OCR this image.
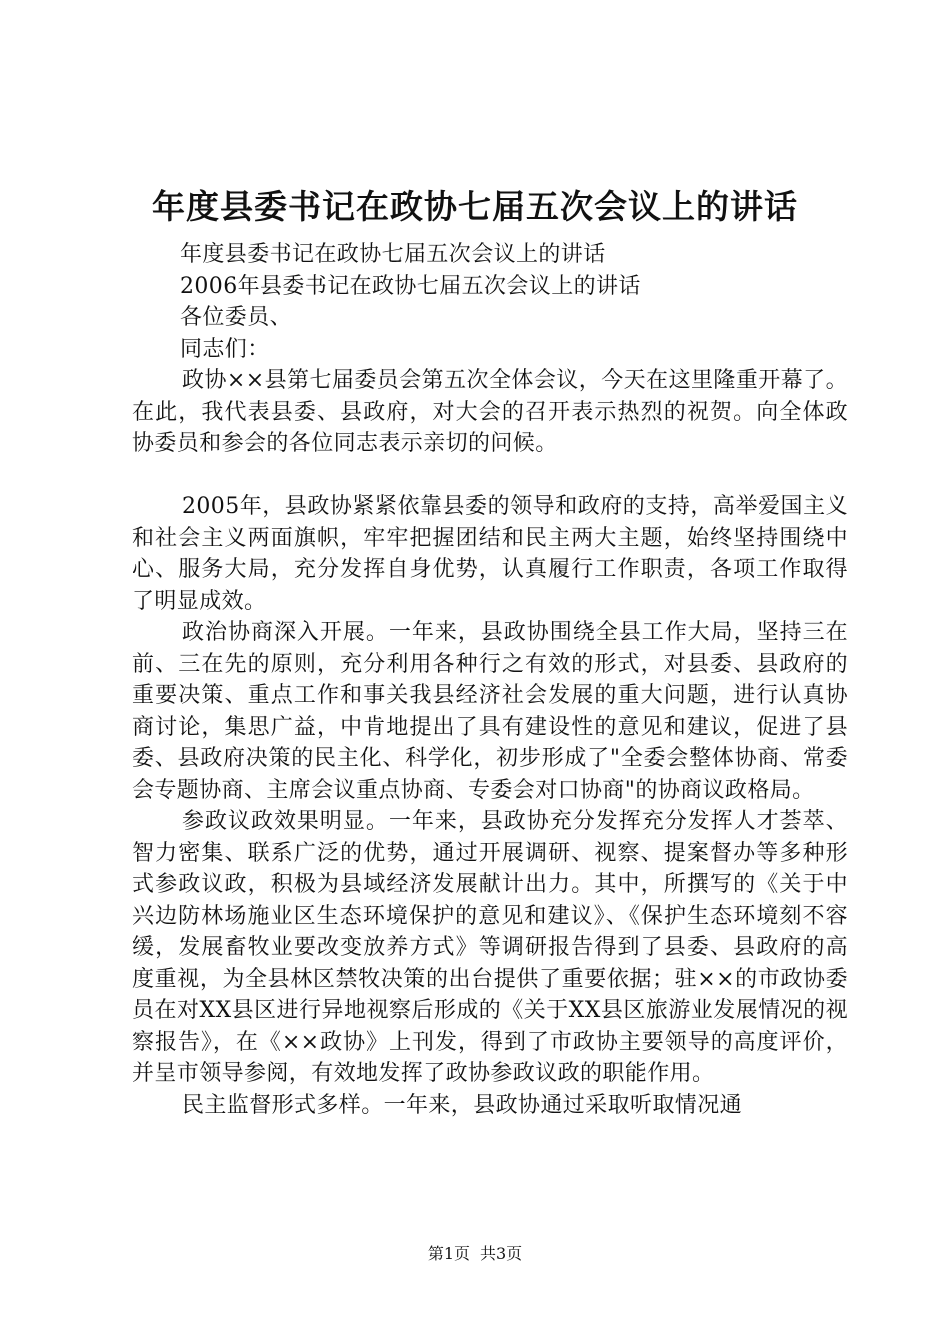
年度县委书记在政协七届五次会议上的讲话

年度县委书记在政协七届五次会议上的讲话

2006年县委书记在政协七届五次会议上的讲话

各位委员、

同志们：

政协××县第七届委员会第五次全体会议，今天在这里隆重开幕了。在此，我代表县委、县政府，对大会的召开表示热烈的祝贺。向全体政协委员和参会的各位同志表示亲切的问候。

2005年，县政协紧紧依靠县委的领导和政府的支持，高举爱国主义和社会主义两面旗帜，牢牢把握团结和民主两大主题，始终坚持围绕中心、服务大局，充分发挥自身优势，认真履行工作职责，各项工作取得了明显成效。

政治协商深入开展。一年来，县政协围绕全县工作大局，坚持三在前、三在先的原则，充分利用各种行之有效的形式，对县委、县政府的重要决策、重点工作和事关我县经济社会发展的重大问题，进行认真协商讨论，集思广益，中肯地提出了具有建设性的意见和建议，促进了县委、县政府决策的民主化、科学化，初步形成了"全委会整体协商、常委会专题协商、主席会议重点协商、专委会对口协商"的协商议政格局。

参政议政效果明显。一年来，县政协充分发挥充分发挥人才荟萃、智力密集、联系广泛的优势，通过开展调研、视察、提案督办等多种形式参政议政，积极为县域经济发展献计出力。其中，所撰写的《关于中兴边防林场施业区生态环境保护的意见和建议》、《保护生态环境刻不容缓，发展畜牧业要改变放养方式》等调研报告得到了县委、县政府的高度重视，为全县林区禁牧决策的出台提供了重要依据；驻××的市政协委员在对XX县区进行异地视察后形成的《关于XX县区旅游业发展情况的视察报告》，在《××政协》上刊发，得到了市政协主要领导的高度评价，并呈市领导参阅，有效地发挥了政协参政议政的职能作用。

民主监督形式多样。一年来，县政协通过采取听取情况通

第1页 共3页
